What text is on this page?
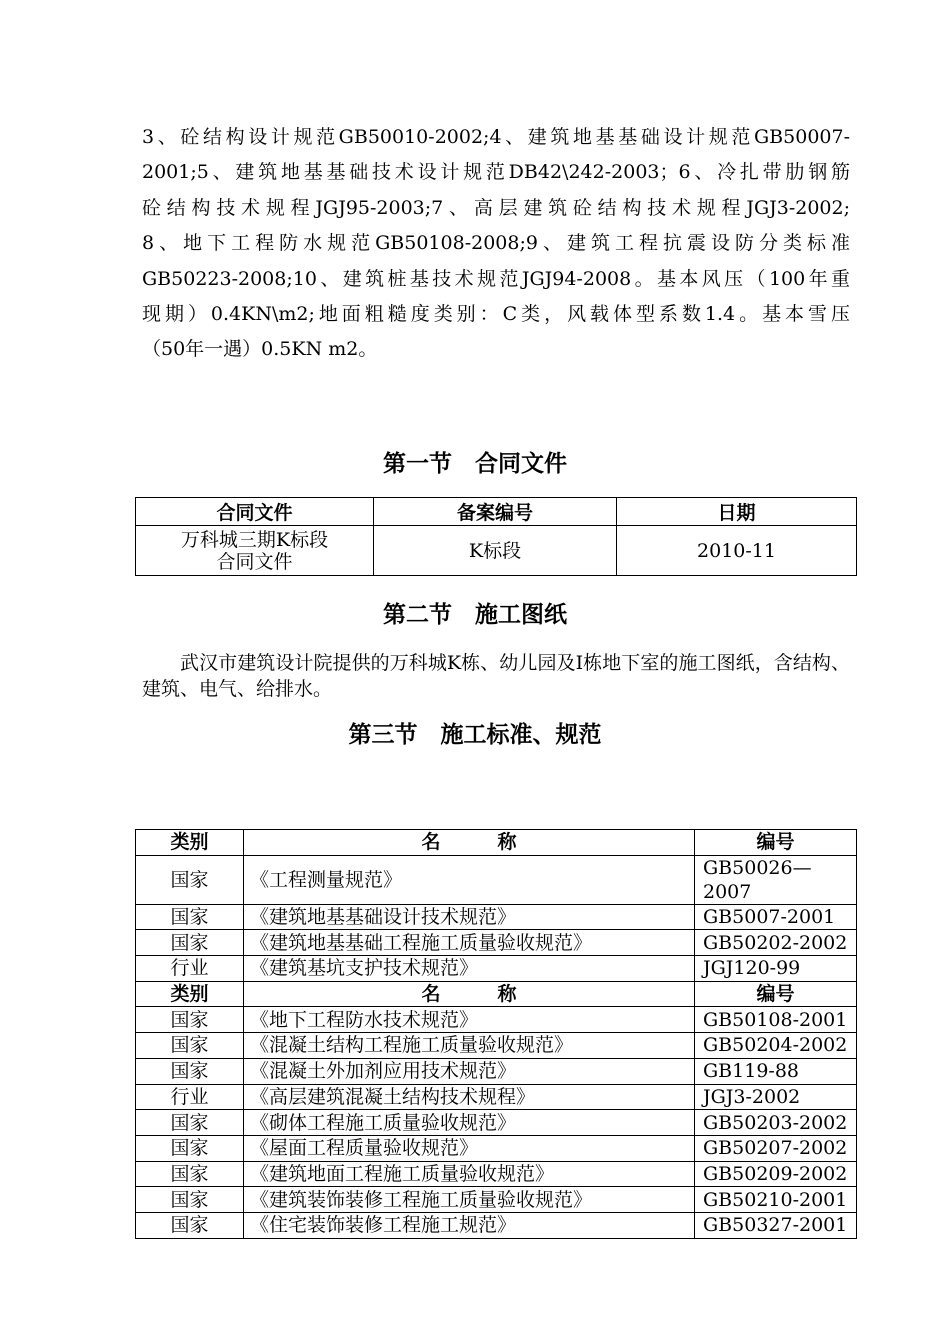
3、砼结构设计规范GB50010-2002;4、建筑地基基础设计规范GB50007-
2001;5、建筑地基基础技术设计规范DB42\242-2003；6、冷扎带肋钢筋
砼结构技术规程JGJ95-2003;7、高层建筑砼结构技术规程JGJ3-2002;
8、地下工程防水规范GB50108-2008;9、建筑工程抗震设防分类标准
GB50223-2008;10、建筑桩基技术规范JGJ94-2008。基本风压（100年重
现期）0.4KN\m2;地面粗糙度类别：C类，风载体型系数1.4。基本雪压
（50年一遇）0.5KN m2。
第一节　合同文件
合同文件	备案编号	日期

万科城三期K标段
合同文件	K标段	2010-11
第二节　施工图纸
武汉市建筑设计院提供的万科城K栋、幼儿园及I栋地下室的施工图纸，含结构、建筑、电气、给排水。
第三节　施工标准、规范
类别	名　　　称	编号
国家	《工程测量规范》	GB50026—2007
国家	《建筑地基基础设计技术规范》	GB5007-2001
国家	《建筑地基基础工程施工质量验收规范》	GB50202-2002
行业	《建筑基坑支护技术规范》	JGJ120-99
类别	名　　　称	编号
国家	《地下工程防水技术规范》	GB50108-2001
国家	《混凝土结构工程施工质量验收规范》	GB50204-2002
国家	《混凝土外加剂应用技术规范》	GB119-88
行业	《高层建筑混凝土结构技术规程》	JGJ3-2002
国家	《砌体工程施工质量验收规范》	GB50203-2002
国家	《屋面工程质量验收规范》	GB50207-2002
国家	《建筑地面工程施工质量验收规范》	GB50209-2002
国家	《建筑装饰装修工程施工质量验收规范》	GB50210-2001
国家	《住宅装饰装修工程施工规范》	GB50327-2001
